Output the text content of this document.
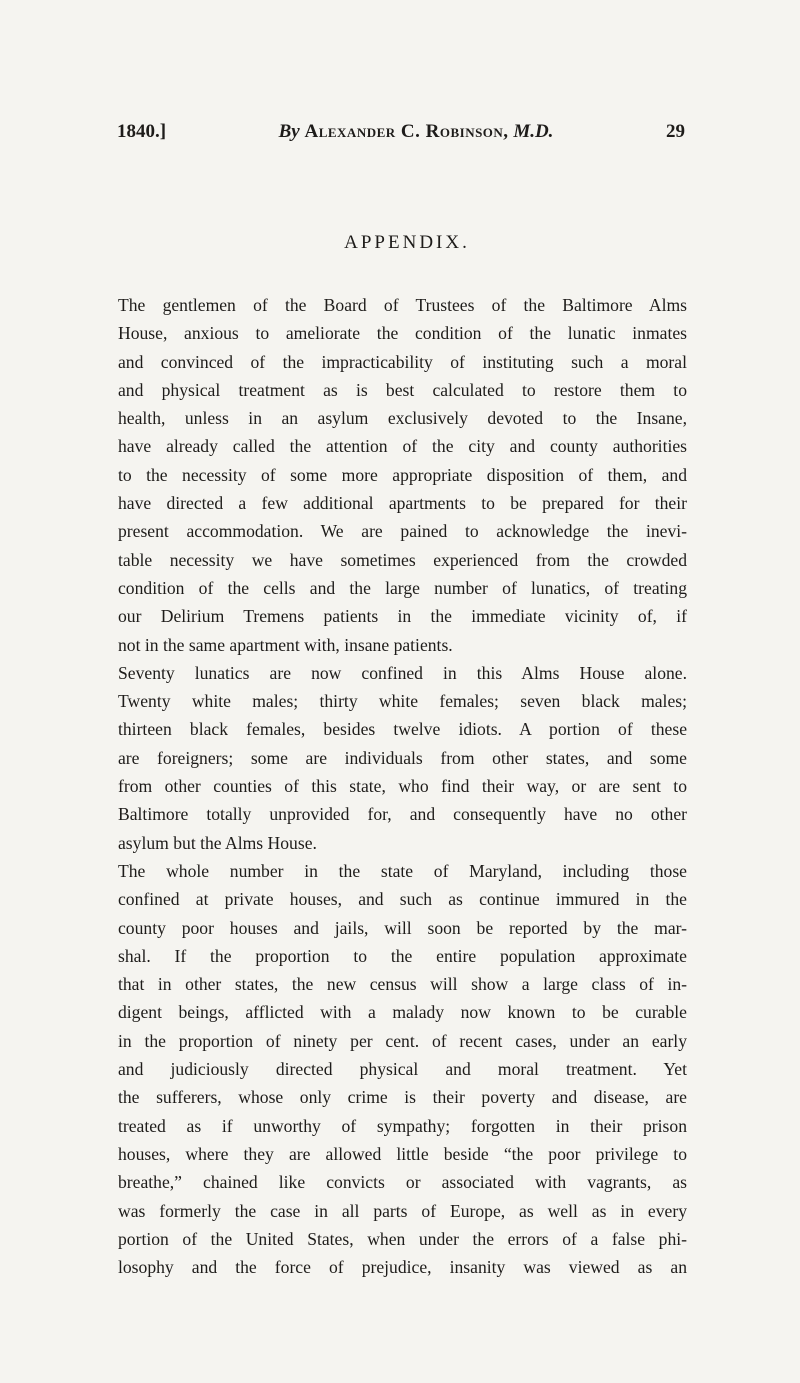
1840.]	By Alexander C. Robinson, M.D.	29
APPENDIX.
The gentlemen of the Board of Trustees of the Baltimore Alms
House, anxious to ameliorate the condition of the lunatic inmates
and convinced of the impracticability of instituting such a moral
and physical treatment as is best calculated to restore them to
health, unless in an asylum exclusively devoted to the Insane,
have already called the attention of the city and county authorities
to the necessity of some more appropriate disposition of them, and
have directed a few additional apartments to be prepared for their
present accommodation. We are pained to acknowledge the inevi-
table necessity we have sometimes experienced from the crowded
condition of the cells and the large number of lunatics, of treating
our Delirium Tremens patients in the immediate vicinity of, if
not in the same apartment with, insane patients.
Seventy lunatics are now confined in this Alms House alone.
Twenty white males; thirty white females; seven black males;
thirteen black females, besides twelve idiots. A portion of these
are foreigners; some are individuals from other states, and some
from other counties of this state, who find their way, or are sent to
Baltimore totally unprovided for, and consequently have no other
asylum but the Alms House.
The whole number in the state of Maryland, including those
confined at private houses, and such as continue immured in the
county poor houses and jails, will soon be reported by the mar-
shal. If the proportion to the entire population approximate
that in other states, the new census will show a large class of in-
digent beings, afflicted with a malady now known to be curable
in the proportion of ninety per cent. of recent cases, under an early
and judiciously directed physical and moral treatment. Yet
the sufferers, whose only crime is their poverty and disease, are
treated as if unworthy of sympathy; forgotten in their prison
houses, where they are allowed little beside “the poor privilege to
breathe,” chained like convicts or associated with vagrants, as
was formerly the case in all parts of Europe, as well as in every
portion of the United States, when under the errors of a false phi-
losophy and the force of prejudice, insanity was viewed as an
